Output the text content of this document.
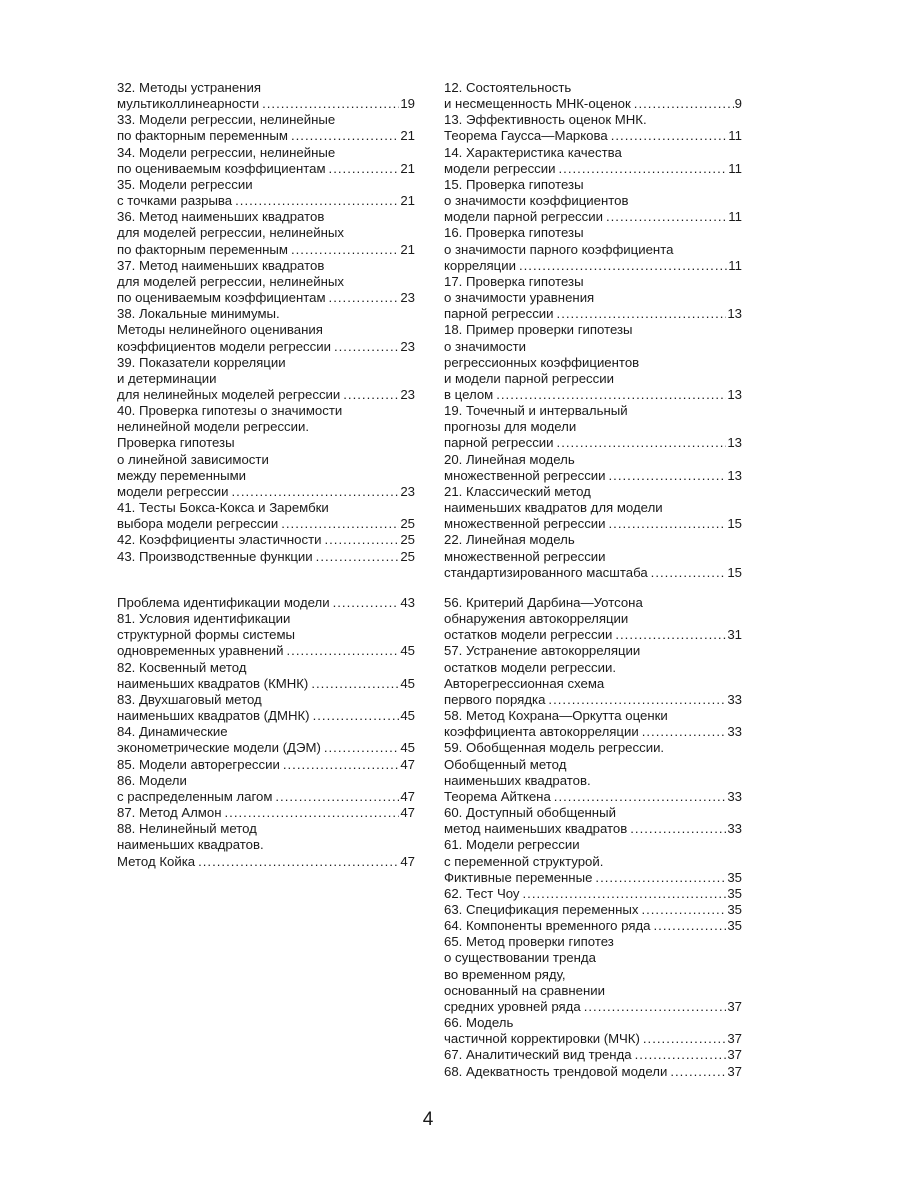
32. Методы устранения
мультиколлинеарности .....	19
33. Модели регрессии, нелинейные
по факторным переменным .....	21
34. Модели регрессии, нелинейные
по оцениваемым коэффициентам .....	21
35. Модели регрессии
с точками разрыва .....	21
36. Метод наименьших квадратов
для моделей регрессии, нелинейных
по факторным переменным .....	21
37. Метод наименьших квадратов
для моделей регрессии, нелинейных
по оцениваемым коэффициентам .....	23
38. Локальные минимумы.
Методы нелинейного оценивания
коэффициентов модели регрессии .....	23
39. Показатели корреляции
и детерминации
для нелинейных моделей регрессии .....	23
40. Проверка гипотезы о значимости
нелинейной модели регрессии.
Проверка гипотезы
о линейной зависимости
между переменными
модели регрессии .....	23
41. Тесты Бокса-Кокса и Зарембки
выбора модели регрессии .....	25
42. Коэффициенты эластичности .....	25
43. Производственные функции .....	25
12. Состоятельность
и несмещенность МНК-оценок .....	9
13. Эффективность оценок МНК.
Теорема Гаусса—Маркова .....	11
14. Характеристика качества
модели регрессии .....	11
15. Проверка гипотезы
о значимости коэффициентов
модели парной регрессии .....	11
16. Проверка гипотезы
о значимости парного коэффициента
корреляции .....	11
17. Проверка гипотезы
о значимости уравнения
парной регрессии .....	13
18. Пример проверки гипотезы
о значимости
регрессионных коэффициентов
и модели парной регрессии
в целом .....	13
19. Точечный и интервальный
прогнозы для модели
парной регрессии .....	13
20. Линейная модель
множественной регрессии .....	13
21. Классический метод
наименьших квадратов для модели
множественной регрессии .....	15
22. Линейная модель
множественной регрессии
стандартизированного масштаба .....	15
Проблема идентификации модели .....	43
81. Условия идентификации
структурной формы системы
одновременных уравнений .....	45
82. Косвенный метод
наименьших квадратов (КМНК) .....	45
83. Двухшаговый метод
наименьших квадратов (ДМНК) .....	45
84. Динамические
эконометрические модели (ДЭМ) .....	45
85. Модели авторегрессии .....	47
86. Модели
с распределенным лагом .....	47
87. Метод Алмон .....	47
88. Нелинейный метод
наименьших квадратов.
Метод Койка .....	47
56. Критерий Дарбина—Уотсона
обнаружения автокорреляции
остатков модели регрессии .....	31
57. Устранение автокорреляции
остатков модели регрессии.
Авторегрессионная схема
первого порядка .....	33
58. Метод Кохрана—Оркутта оценки
коэффициента автокорреляции .....	33
59. Обобщенная модель регрессии.
Обобщенный метод
наименьших квадратов.
Теорема Айткена .....	33
60. Доступный обобщенный
метод наименьших квадратов .....	33
61. Модели регрессии
с переменной структурой.
Фиктивные переменные .....	35
62. Тест Чоу .....	35
63. Спецификация переменных .....	35
64. Компоненты временного ряда .....	35
65. Метод проверки гипотез
о существовании тренда
во временном ряду,
основанный на сравнении
средних уровней ряда .....	37
66. Модель
частичной корректировки (МЧК) .....	37
67. Аналитический вид тренда .....	37
68. Адекватность трендовой модели .....	37
4
